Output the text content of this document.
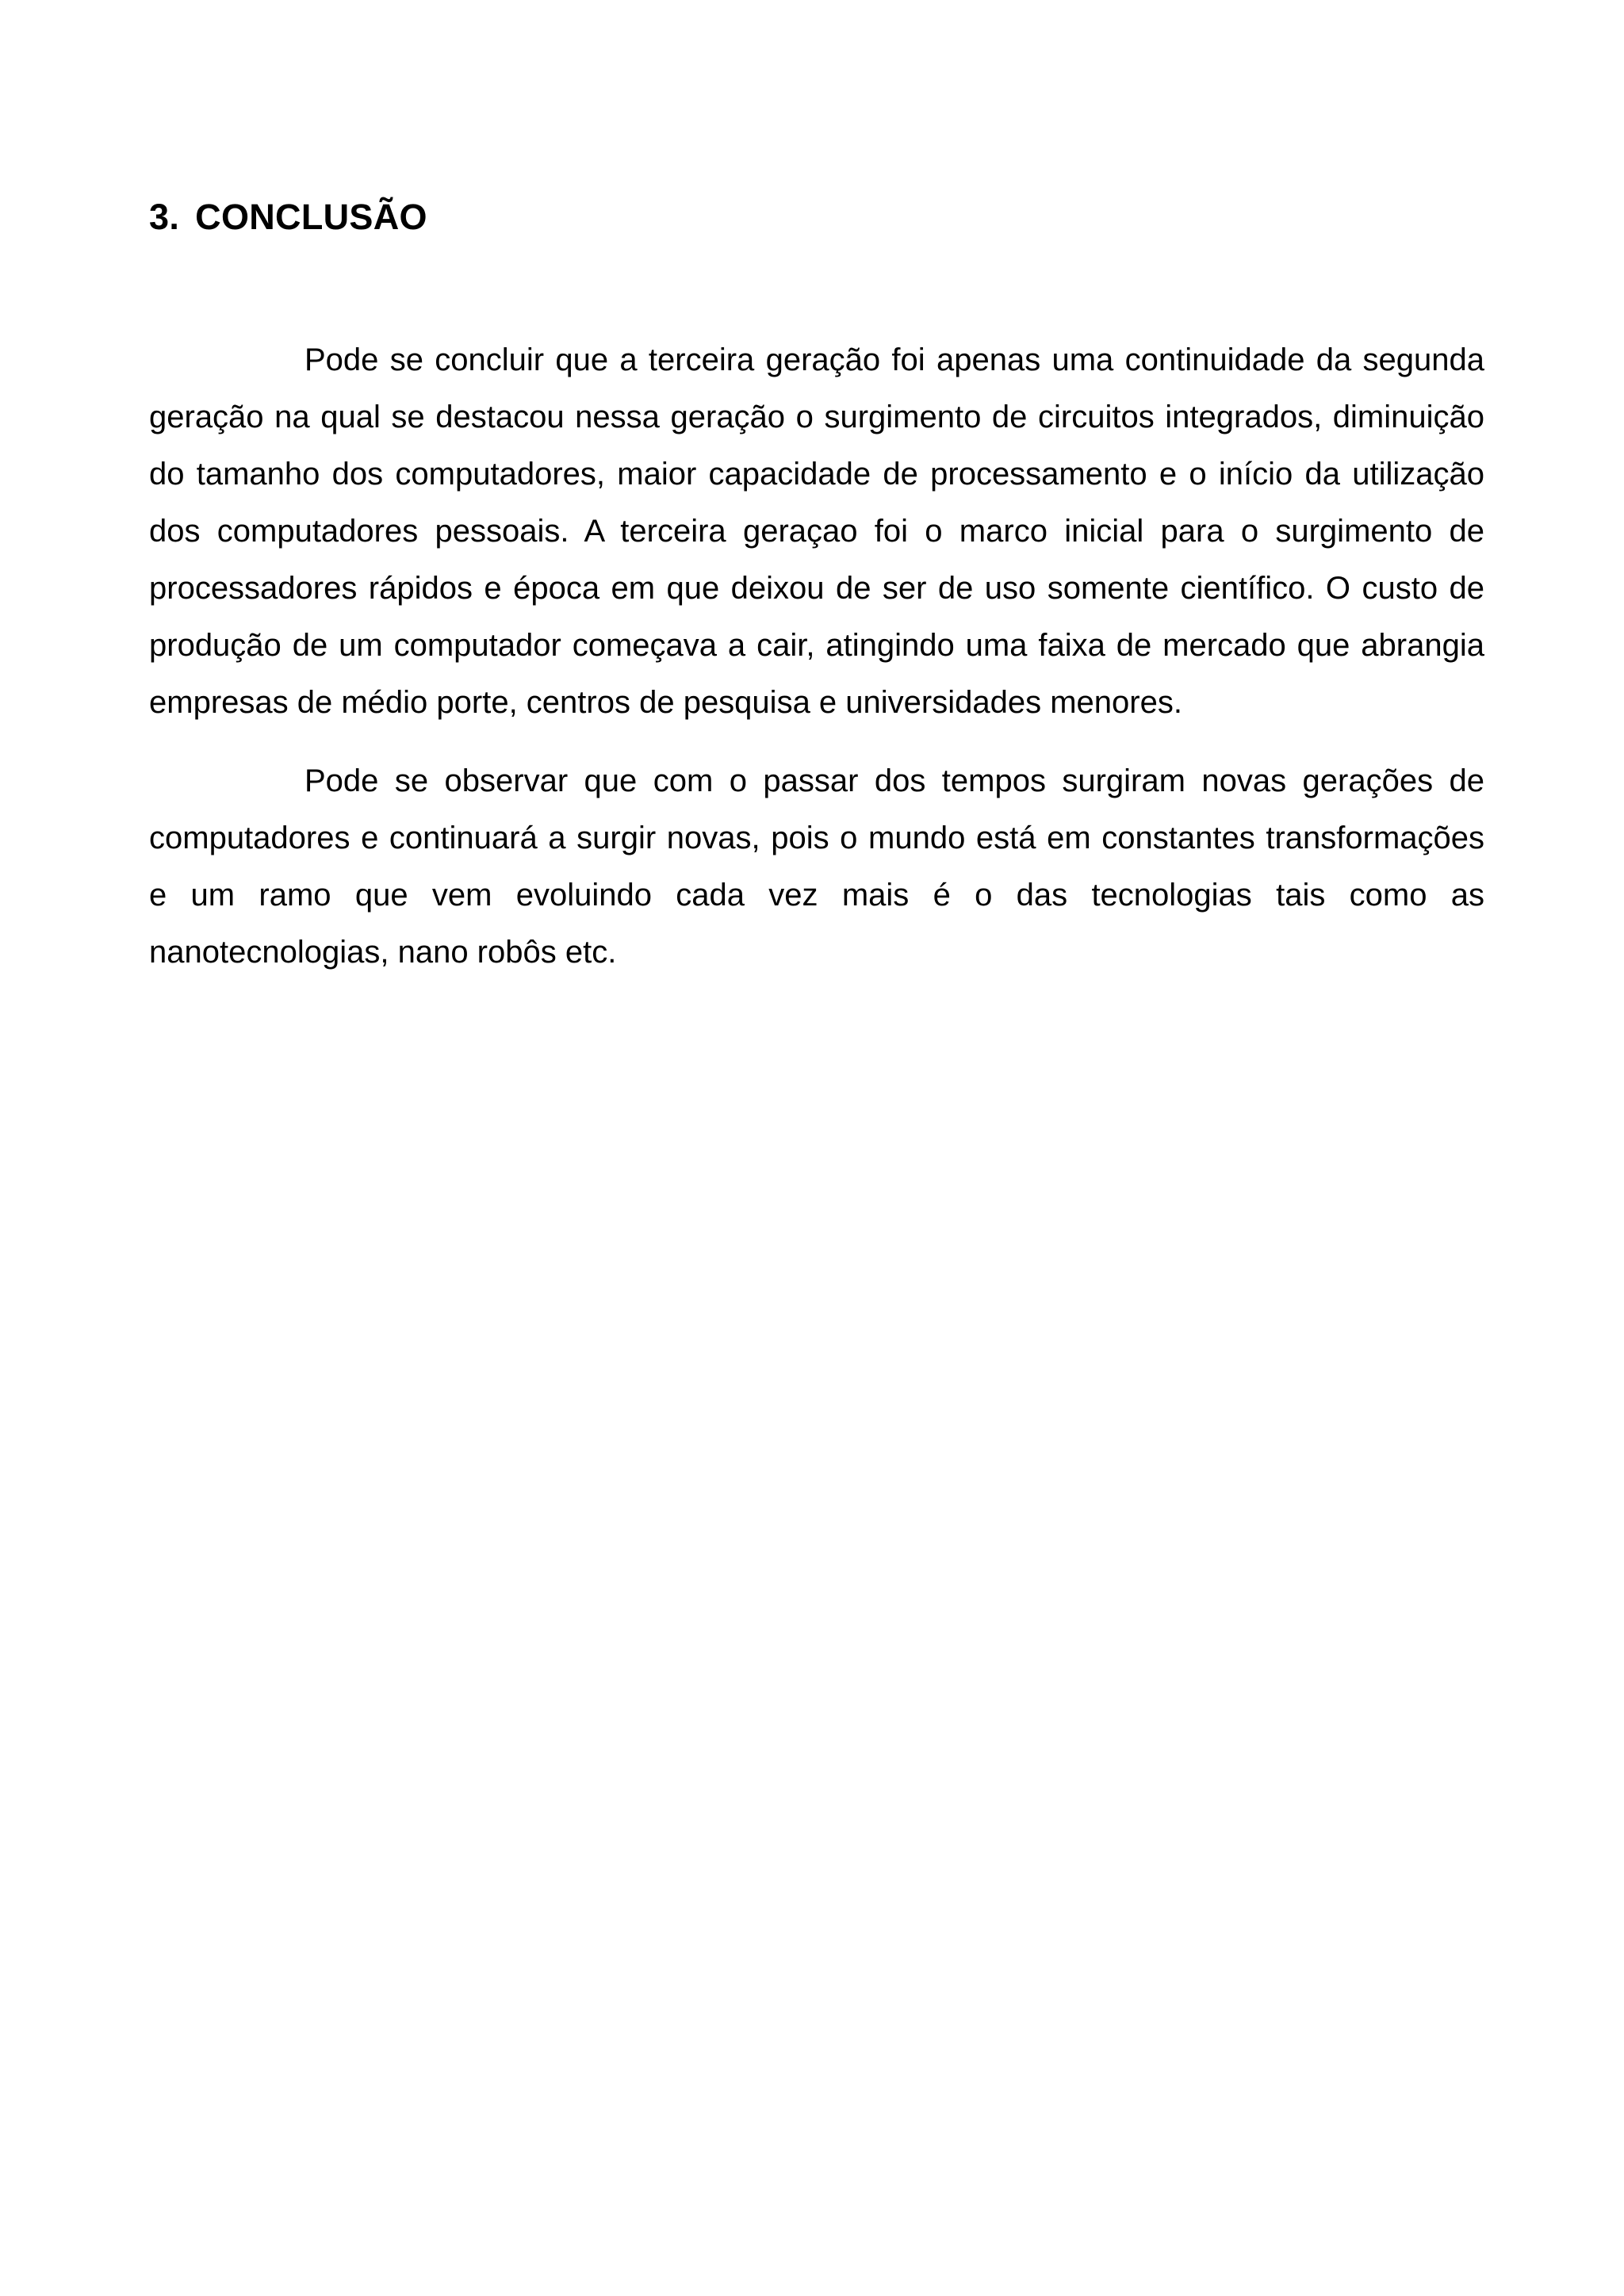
3. CONCLUSÃO

Pode se concluir que a terceira geração foi apenas uma continuidade da segunda geração na qual se destacou nessa geração o surgimento de circuitos integrados, diminuição do tamanho dos computadores, maior capacidade de processamento e o início da utilização dos computadores pessoais. A terceira geraçao foi o marco inicial para o surgimento de processadores rápidos e época em que deixou de ser de uso somente científico. O custo de produção de um computador começava a cair, atingindo uma faixa de mercado que abrangia empresas de médio porte, centros de pesquisa e universidades menores.

Pode se observar que com o passar dos tempos surgiram novas gerações de computadores e continuará a surgir novas, pois o mundo está em constantes transformações e um ramo que vem evoluindo cada vez mais é o das tecnologias tais como as nanotecnologias, nano robôs etc.
